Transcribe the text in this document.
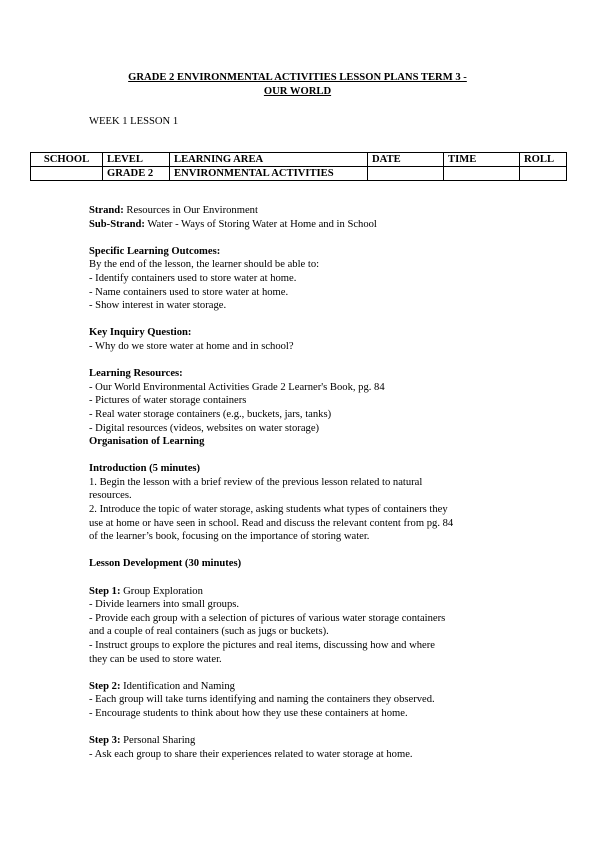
GRADE 2 ENVIRONMENTAL ACTIVITIES LESSON PLANS TERM 3 -
OUR WORLD
WEEK 1 LESSON 1
SCHOOL	LEVEL	LEARNING AREA	DATE	TIME	ROLL
	GRADE 2	ENVIRONMENTAL ACTIVITIES			

Strand: Resources in Our Environment

Sub-Strand: Water - Ways of Storing Water at Home and in School

Specific Learning Outcomes:

By the end of the lesson, the learner should be able to:

- Identify containers used to store water at home.

- Name containers used to store water at home.

- Show interest in water storage.

Key Inquiry Question:

- Why do we store water at home and in school?

Learning Resources:

- Our World Environmental Activities Grade 2 Learner's Book, pg. 84

- Pictures of water storage containers

- Real water storage containers (e.g., buckets, jars, tanks)

- Digital resources (videos, websites on water storage)

Organisation of Learning

Introduction (5 minutes)

1. Begin the lesson with a brief review of the previous lesson related to natural

resources.

2. Introduce the topic of water storage, asking students what types of containers they

use at home or have seen in school. Read and discuss the relevant content from pg. 84

of the learner’s book, focusing on the importance of storing water.

Lesson Development (30 minutes)

Step 1: Group Exploration

- Divide learners into small groups.

- Provide each group with a selection of pictures of various water storage containers

and a couple of real containers (such as jugs or buckets).

- Instruct groups to explore the pictures and real items, discussing how and where

they can be used to store water.

Step 2: Identification and Naming

- Each group will take turns identifying and naming the containers they observed.

- Encourage students to think about how they use these containers at home.

Step 3: Personal Sharing

- Ask each group to share their experiences related to water storage at home.
